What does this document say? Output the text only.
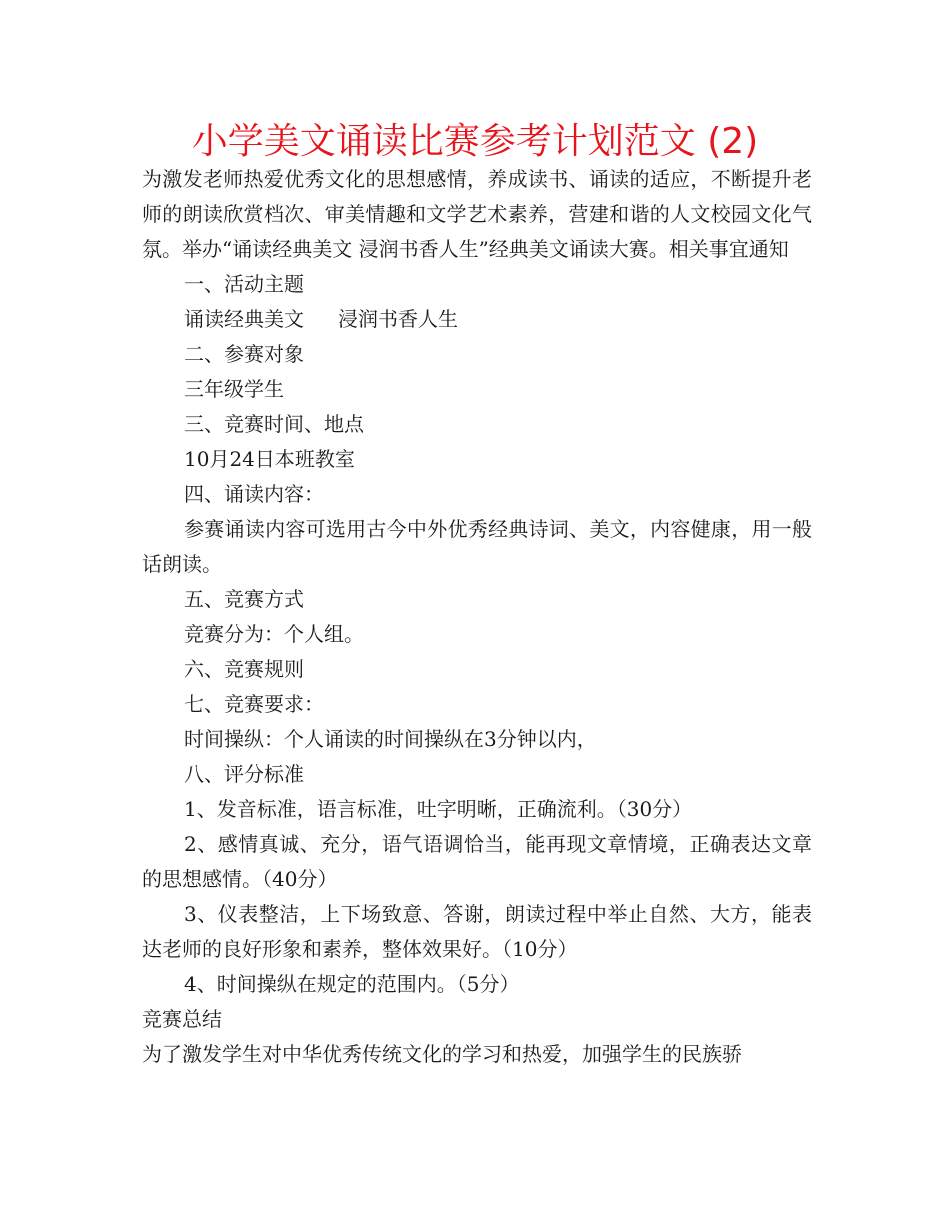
小学美文诵读比赛参考计划范文 (2)

为激发老师热爱优秀文化的思想感情，养成读书、诵读的适应，不断提升老师的朗读欣赏档次、审美情趣和文学艺术素养，营建和谐的人文校园文化气氛。举办“诵读经典美文 浸润书香人生”经典美文诵读大赛。相关事宜通知

一、活动主题

诵读经典美文 浸润书香人生

二、参赛对象

三年级学生

三、竞赛时间、地点

10月24日本班教室

四、诵读内容：

参赛诵读内容可选用古今中外优秀经典诗词、美文，内容健康，用一般话朗读。

五、竞赛方式

竞赛分为：个人组。

六、竞赛规则

七、竞赛要求：

时间操纵：个人诵读的时间操纵在3分钟以内，

八、评分标准

1、发音标准，语言标准，吐字明晰，正确流利。（30分）

2、感情真诚、充分，语气语调恰当，能再现文章情境，正确表达文章的思想感情。（40分）

3、仪表整洁，上下场致意、答谢，朗读过程中举止自然、大方，能表达老师的良好形象和素养，整体效果好。（10分）

4、时间操纵在规定的范围内。（5分）

竞赛总结

为了激发学生对中华优秀传统文化的学习和热爱，加强学生的民族骄
